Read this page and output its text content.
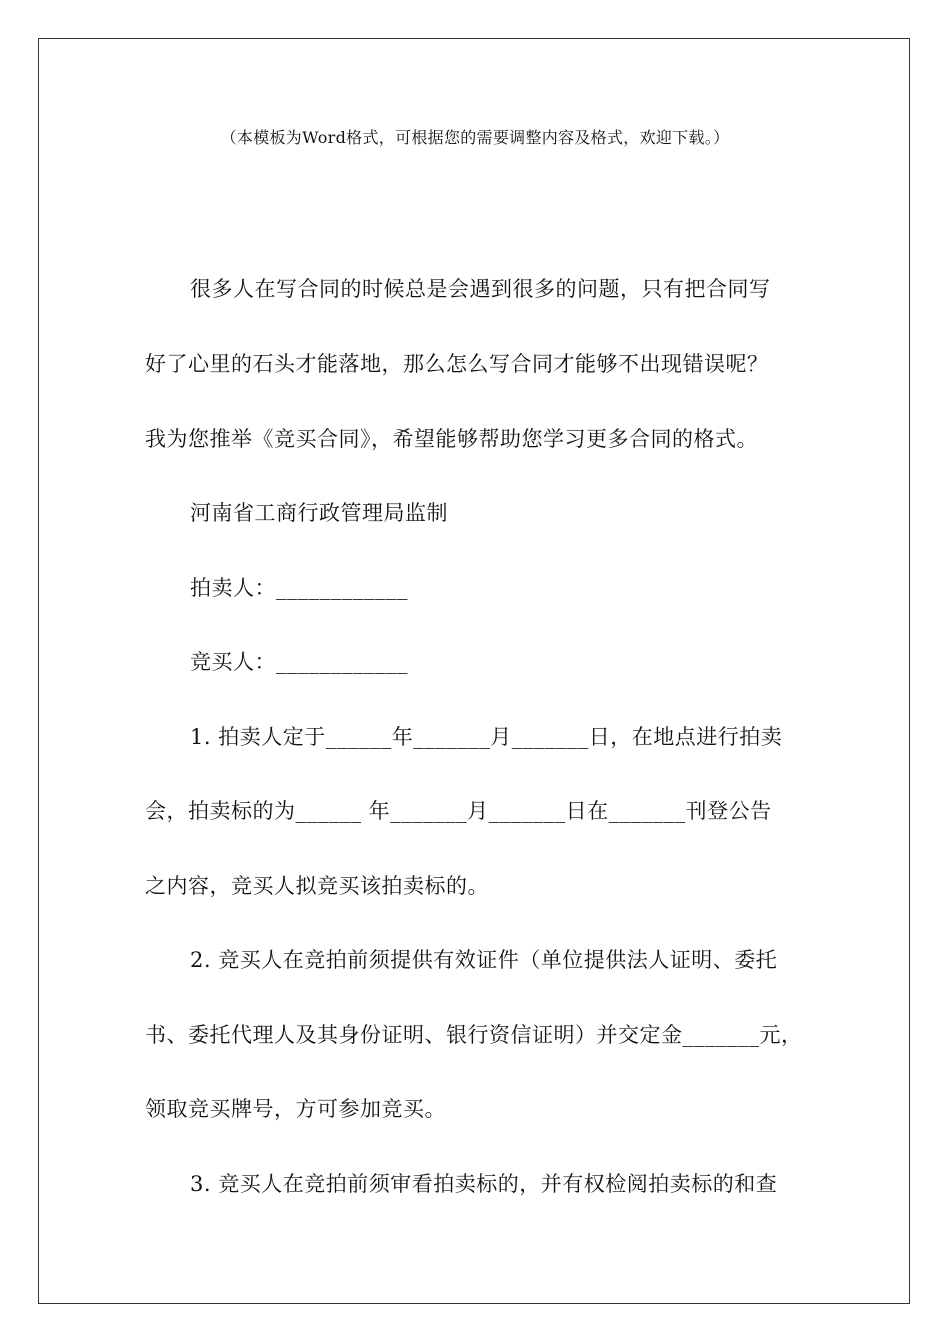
（本模板为Word格式，可根据您的需要调整内容及格式，欢迎下载。）
很多人在写合同的时候总是会遇到很多的问题，只有把合同写
好了心里的石头才能落地，那么怎么写合同才能够不出现错误呢？
我为您推举《竞买合同》，希望能够帮助您学习更多合同的格式。
河南省工商行政管理局监制
拍卖人：____________
竞买人：____________
1. 拍卖人定于______年_______月_______日，在地点进行拍卖
会，拍卖标的为______ 年_______月_______日在_______刊登公告
之内容，竞买人拟竞买该拍卖标的。
2. 竞买人在竞拍前须提供有效证件（单位提供法人证明、委托
书、委托代理人及其身份证明、银行资信证明）并交定金_______元，
领取竞买牌号，方可参加竞买。
3. 竞买人在竞拍前须审看拍卖标的，并有权检阅拍卖标的和查
